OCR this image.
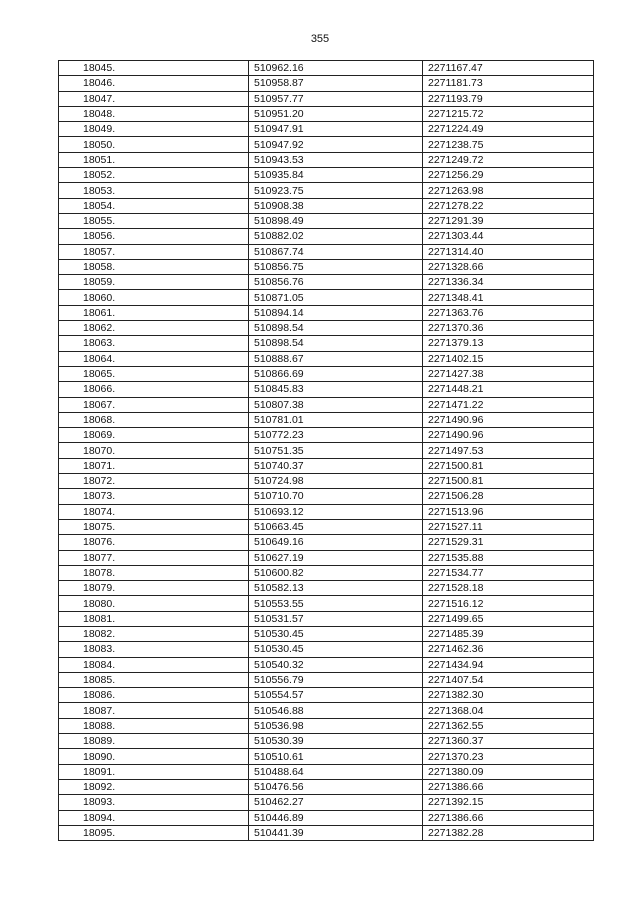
355
18045.	510962.16	2271167.47
18046.	510958.87	2271181.73
18047.	510957.77	2271193.79
18048.	510951.20	2271215.72
18049.	510947.91	2271224.49
18050.	510947.92	2271238.75
18051.	510943.53	2271249.72
18052.	510935.84	2271256.29
18053.	510923.75	2271263.98
18054.	510908.38	2271278.22
18055.	510898.49	2271291.39
18056.	510882.02	2271303.44
18057.	510867.74	2271314.40
18058.	510856.75	2271328.66
18059.	510856.76	2271336.34
18060.	510871.05	2271348.41
18061.	510894.14	2271363.76
18062.	510898.54	2271370.36
18063.	510898.54	2271379.13
18064.	510888.67	2271402.15
18065.	510866.69	2271427.38
18066.	510845.83	2271448.21
18067.	510807.38	2271471.22
18068.	510781.01	2271490.96
18069.	510772.23	2271490.96
18070.	510751.35	2271497.53
18071.	510740.37	2271500.81
18072.	510724.98	2271500.81
18073.	510710.70	2271506.28
18074.	510693.12	2271513.96
18075.	510663.45	2271527.11
18076.	510649.16	2271529.31
18077.	510627.19	2271535.88
18078.	510600.82	2271534.77
18079.	510582.13	2271528.18
18080.	510553.55	2271516.12
18081.	510531.57	2271499.65
18082.	510530.45	2271485.39
18083.	510530.45	2271462.36
18084.	510540.32	2271434.94
18085.	510556.79	2271407.54
18086.	510554.57	2271382.30
18087.	510546.88	2271368.04
18088.	510536.98	2271362.55
18089.	510530.39	2271360.37
18090.	510510.61	2271370.23
18091.	510488.64	2271380.09
18092.	510476.56	2271386.66
18093.	510462.27	2271392.15
18094.	510446.89	2271386.66
18095.	510441.39	2271382.28
